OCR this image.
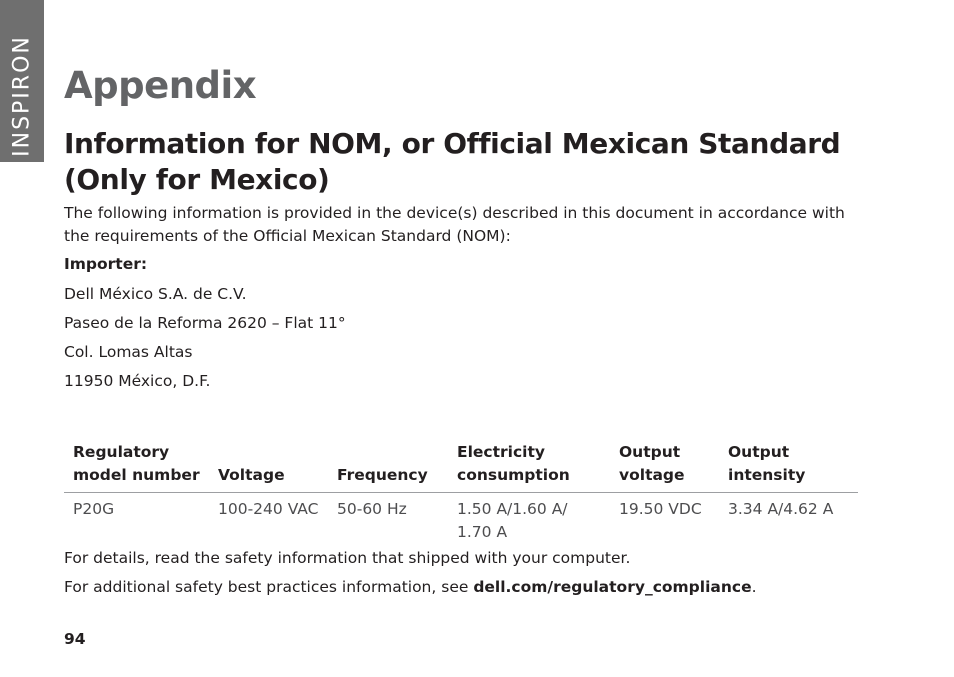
INSPIRON Appendix
Information for NOM, or Official Mexican Standard (Only for Mexico)

The following information is provided in the device(s) described in this document in accordance with the requirements of the Official Mexican Standard (NOM):

Importer:

Dell México S.A. de C.V.

Paseo de la Reforma 2620 – Flat 11°

Col. Lomas Altas

11950 México, D.F.

Regulatory model number	Voltage	Frequency	Electricity consumption	Output voltage	Output intensity
P20G	100-240 VAC	50-60 Hz	1.50 A/1.60 A/ 1.70 A	19.50 VDC	3.34 A/4.62 A

For details, read the safety information that shipped with your computer.

For additional safety best practices information, see dell.com/regulatory_compliance.

94
